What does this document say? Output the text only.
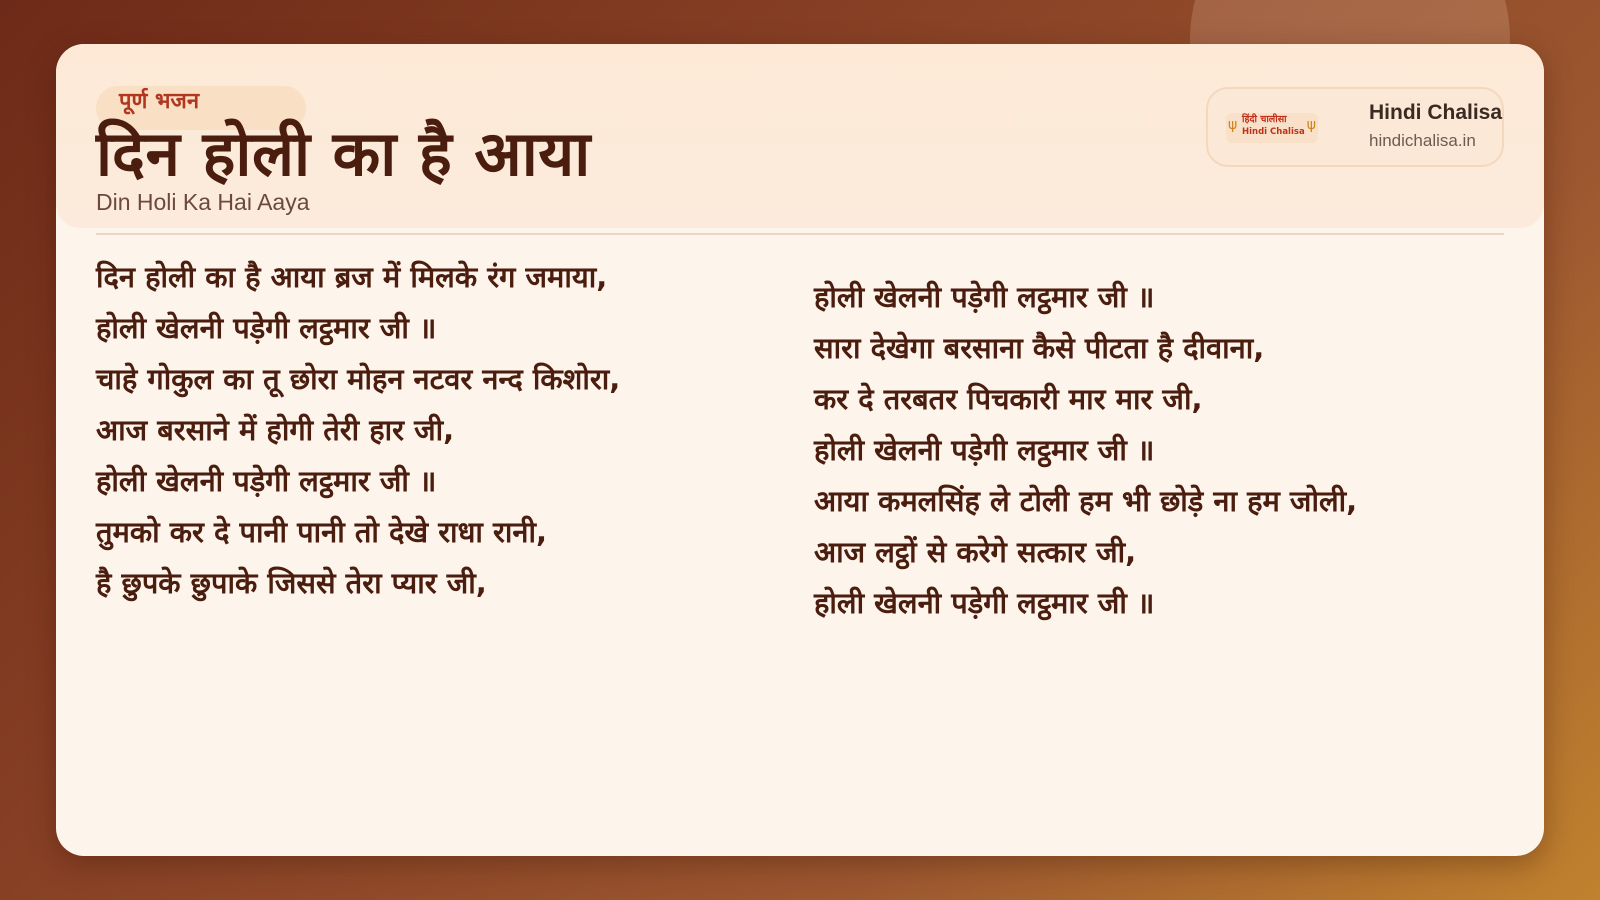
पूर्ण भजन
दिन होली का है आया
Din Holi Ka Hai Aaya
ψ हिंदी चालीसा
Hindi Chalisa ψ
Hindi Chalisa
hindichalisa.in

दिन होली का है आया ब्रज में मिलके रंग जमाया,

होली खेलनी पड़ेगी लट्ठमार जी ॥

चाहे गोकुल का तू छोरा मोहन नटवर नन्द किशोरा,

आज बरसाने में होगी तेरी हार जी,

होली खेलनी पड़ेगी लट्ठमार जी ॥

तुमको कर दे पानी पानी तो देखे राधा रानी,

है छुपके छुपाके जिससे तेरा प्यार जी,

होली खेलनी पड़ेगी लट्ठमार जी ॥

सारा देखेगा बरसाना कैसे पीटता है दीवाना,

कर दे तरबतर पिचकारी मार मार जी,

होली खेलनी पड़ेगी लट्ठमार जी ॥

आया कमलसिंह ले टोली हम भी छोड़े ना हम जोली,

आज लट्ठों से करेगे सत्कार जी,

होली खेलनी पड़ेगी लट्ठमार जी ॥
